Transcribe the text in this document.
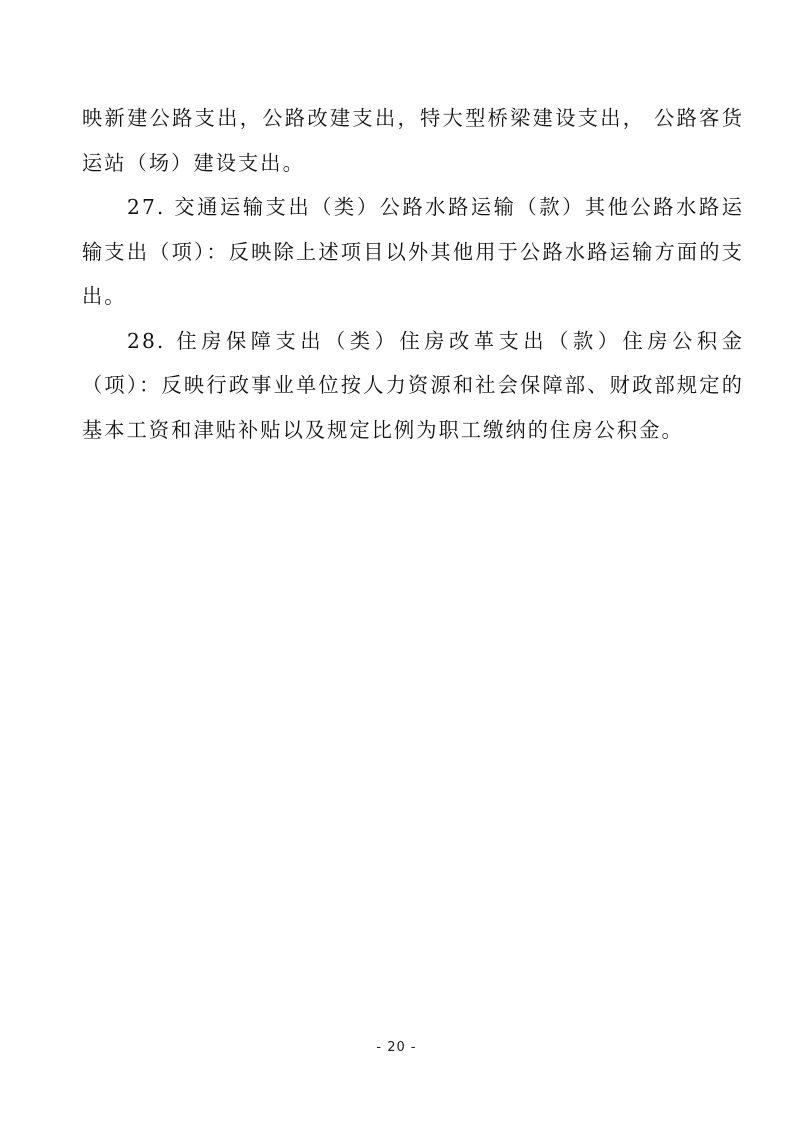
映新建公路支出，公路改建支出，特大型桥梁建设支出， 公路客货运站（场）建设支出。

27. 交通运输支出（类）公路水路运输（款）其他公路水路运输支出（项）：反映除上述项目以外其他用于公路水路运输方面的支出。

28. 住房保障支出（类）住房改革支出（款）住房公积金（项）：反映行政事业单位按人力资源和社会保障部、财政部规定的 基本工资和津贴补贴以及规定比例为职工缴纳的住房公积金。

- 20 -
